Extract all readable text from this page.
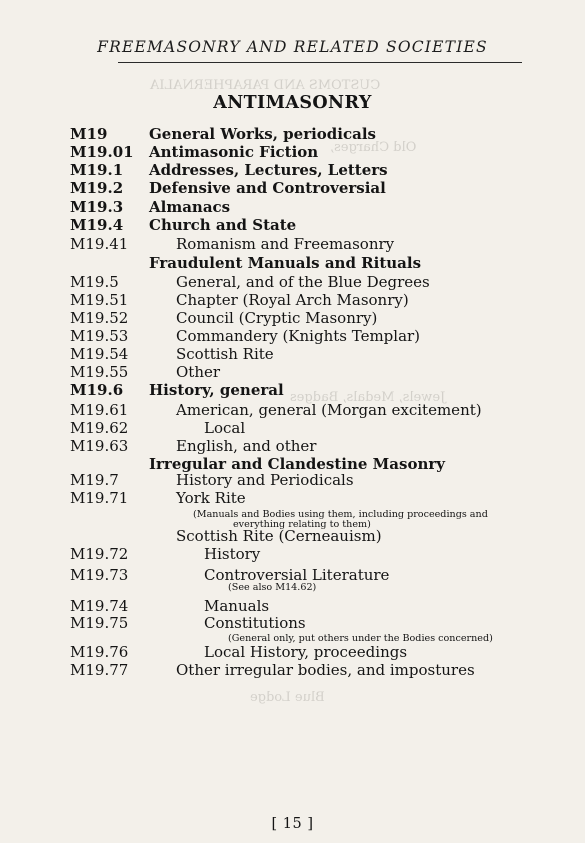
CUSTOMS AND PARAPHERNALIA
Old Charges,
Jewels, Medals, Badges
Blue Lodge
FREEMASONRY AND RELATED SOCIETIES
ANTIMASONRY
M19	General Works, periodicals
M19.01 Antimasonic Fiction
M19.1 Addresses, Lectures, Letters
M19.2 Defensive and Controversial
M19.3 Almanacs
M19.4 Church and State
M19.41	Romanism and Freemasonry
Fraudulent Manuals and Rituals
M19.5	General, and of the Blue Degrees
M19.51	Chapter (Royal Arch Masonry)
M19.52	Council (Cryptic Masonry)
M19.53	Commandery (Knights Templar)
M19.54	Scottish Rite
M19.55	Other
M19.6 History, general
M19.61	American, general (Morgan excitement)
M19.62	Local
M19.63	English, and other
Irregular and Clandestine Masonry
M19.7	History and Periodicals
M19.71	York Rite
Scottish Rite (Cerneauism)
M19.72	History
M19.73	Controversial Literature
M19.74	Manuals
M19.75	Constitutions
M19.76	Local History, proceedings
M19.77	Other irregular bodies, and impostures
(Manuals and Bodies using them, including proceedings and
everything relating to them)
(See also M14.62)
(General only, put others under the Bodies concerned)
[ 15 ]
